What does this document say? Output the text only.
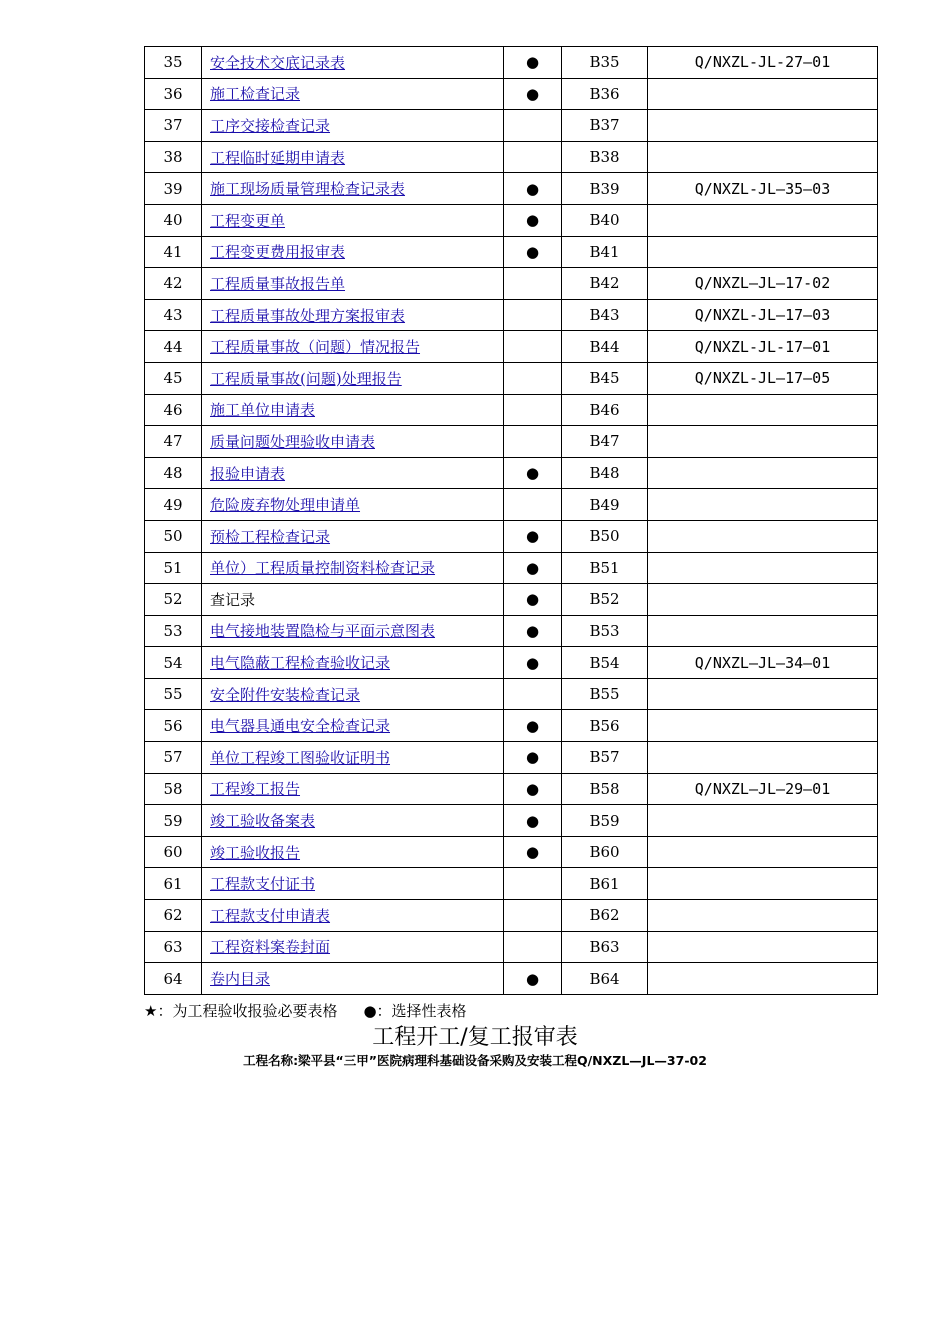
35	安全技术交底记录表	●	B35	Q/NXZL-JL-27—01
36	施工检查记录	●	B36	
37	工序交接检查记录		B37	
38	工程临时延期申请表		B38	
39	施工现场质量管理检查记录表	●	B39	Q/NXZL-JL—35—03
40	工程变更单	●	B40	
41	工程变更费用报审表	●	B41	
42	工程质量事故报告单		B42	Q/NXZL—JL—17-02
43	工程质量事故处理方案报审表		B43	Q/NXZL-JL—17—03
44	工程质量事故（问题）情况报告		B44	Q/NXZL-JL-17—01
45	工程质量事故(问题)处理报告		B45	Q/NXZL-JL—17—05
46	施工单位申请表		B46	
47	质量问题处理验收申请表		B47	
48	报验申请表	●	B48	
49	危险废弃物处理申请单		B49	
50	预检工程检查记录	●	B50	
51	单位）工程质量控制资料检查记录	●	B51	
52	查记录	●	B52	
53	电气接地装置隐检与平面示意图表	●	B53	
54	电气隐蔽工程检查验收记录	●	B54	Q/NXZL—JL—34—01
55	安全附件安装检查记录		B55	
56	电气器具通电安全检查记录	●	B56	
57	单位工程竣工图验收证明书	●	B57	
58	工程竣工报告	●	B58	Q/NXZL—JL—29—01
59	竣工验收备案表	●	B59	
60	竣工验收报告	●	B60	
61	工程款支付证书		B61	
62	工程款支付申请表		B62	
63	工程资料案卷封面		B63	
64	卷内目录	●	B64	
★：为工程验收报验必要表格 ●：选择性表格
工程开工/复工报审表
工程名称:梁平县“三甲”医院病理科基础设备采购及安装工程Q/NXZL—JL—37-02
